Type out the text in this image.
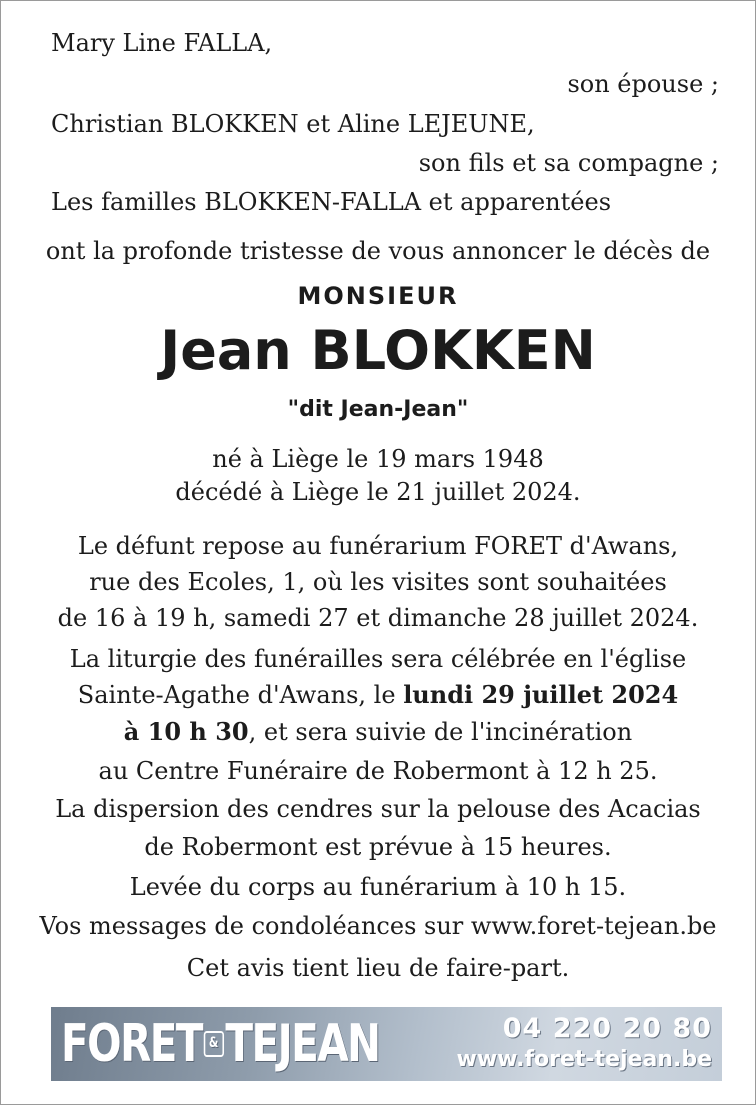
Mary Line FALLA,
son épouse ;
Christian BLOKKEN et Aline LEJEUNE,
son fils et sa compagne ;
Les familles BLOKKEN-FALLA et apparentées
ont la profonde tristesse de vous annoncer le décès de
MONSIEUR
Jean BLOKKEN
"dit Jean-Jean"
né à Liège le 19 mars 1948
décédé à Liège le 21 juillet 2024.
Le défunt repose au funérarium FORET d'Awans,
rue des Ecoles, 1, où les visites sont souhaitées
de 16 à 19 h, samedi 27 et dimanche 28 juillet 2024.
La liturgie des funérailles sera célébrée en l'église
Sainte-Agathe d'Awans, le lundi 29 juillet 2024
à 10 h 30, et sera suivie de l'incinération
au Centre Funéraire de Robermont à 12 h 25.
La dispersion des cendres sur la pelouse des Acacias
de Robermont est prévue à 15 heures.
Levée du corps au funérarium à 10 h 15.
Vos messages de condoléances sur www.foret-tejean.be
Cet avis tient lieu de faire-part.
FORET & TEJEAN	04 220 20 80
www.foret-tejean.be
